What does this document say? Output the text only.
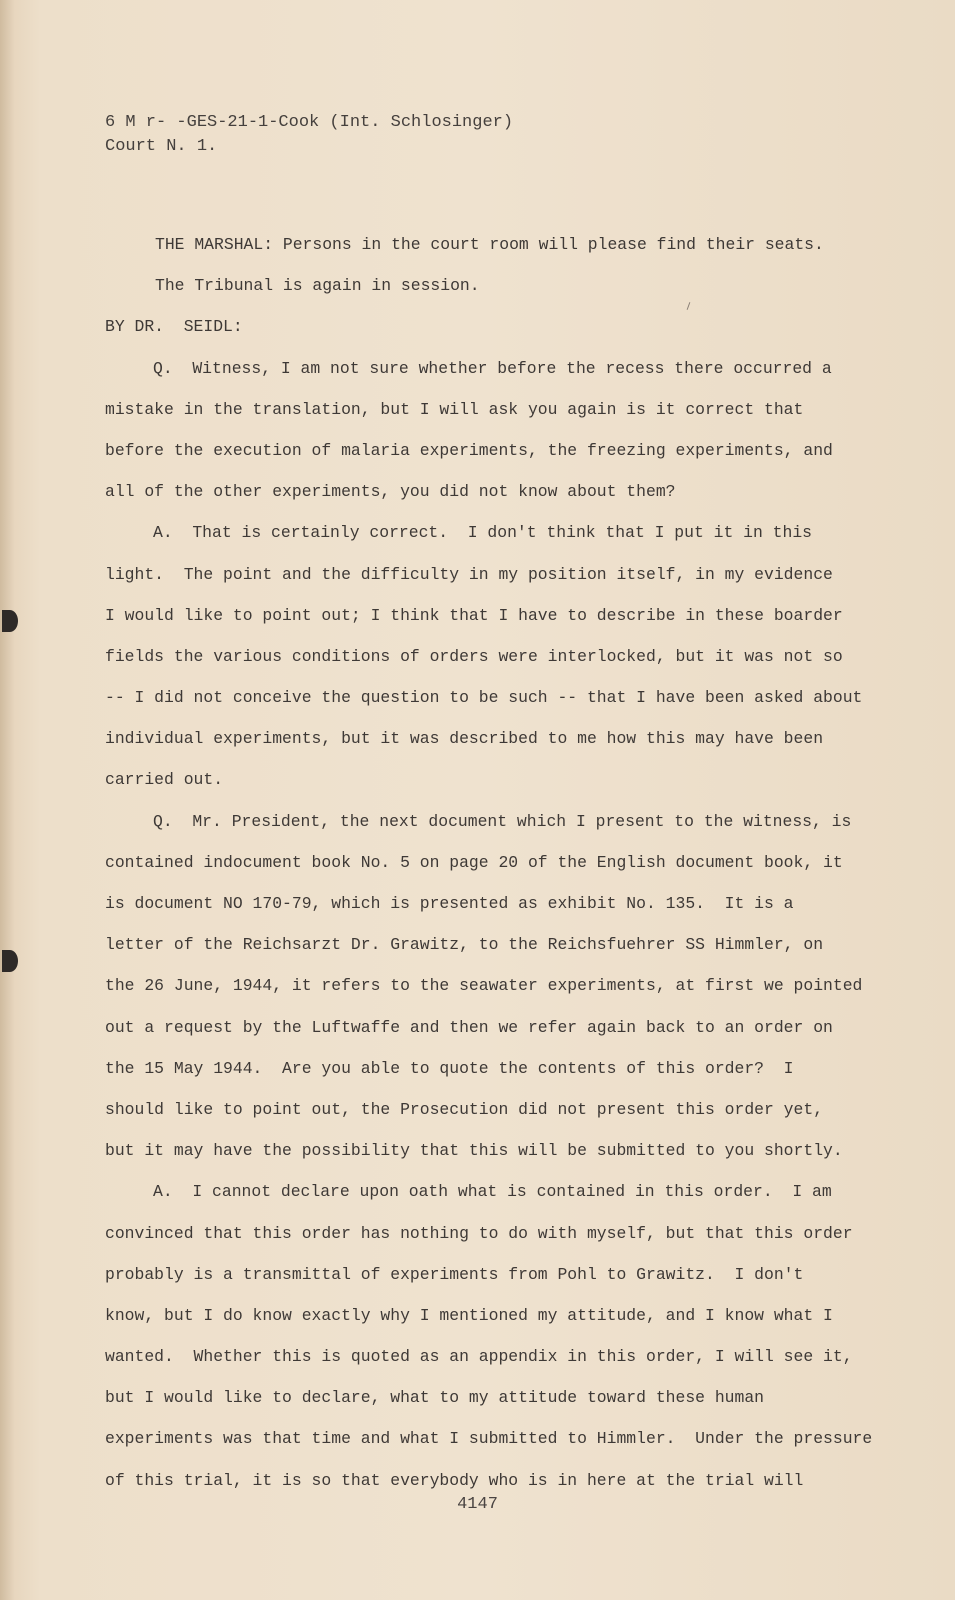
6 M r- -GES-21-1-Cook (Int. Schlosinger)
Court N. 1.
THE MARSHAL: Persons in the court room will please find their seats.
The Tribunal is again in session.
BY DR.  SEIDL:
Q.  Witness, I am not sure whether before the recess there occurred a
mistake in the translation, but I will ask you again is it correct that
before the execution of malaria experiments, the freezing experiments, and
all of the other experiments, you did not know about them?
A.  That is certainly correct.  I don't think that I put it in this
light.  The point and the difficulty in my position itself, in my evidence
I would like to point out; I think that I have to describe in these boarder
fields the various conditions of orders were interlocked, but it was not so
-- I did not conceive the question to be such -- that I have been asked about
individual experiments, but it was described to me how this may have been
carried out.
Q.  Mr. President, the next document which I present to the witness, is
contained indocument book No. 5 on page 20 of the English document book, it
is document NO 170-79, which is presented as exhibit No. 135.  It is a
letter of the Reichsarzt Dr. Grawitz, to the Reichsfuehrer SS Himmler, on
the 26 June, 1944, it refers to the seawater experiments, at first we pointed
out a request by the Luftwaffe and then we refer again back to an order on
the 15 May 1944.  Are you able to quote the contents of this order?  I
should like to point out, the Prosecution did not present this order yet,
but it may have the possibility that this will be submitted to you shortly.
A.  I cannot declare upon oath what is contained in this order.  I am
convinced that this order has nothing to do with myself, but that this order
probably is a transmittal of experiments from Pohl to Grawitz.  I don't
know, but I do know exactly why I mentioned my attitude, and I know what I
wanted.  Whether this is quoted as an appendix in this order, I will see it,
but I would like to declare, what to my attitude toward these human
experiments was that time and what I submitted to Himmler.  Under the pressure
of this trial, it is so that everybody who is in here at the trial will
4147
